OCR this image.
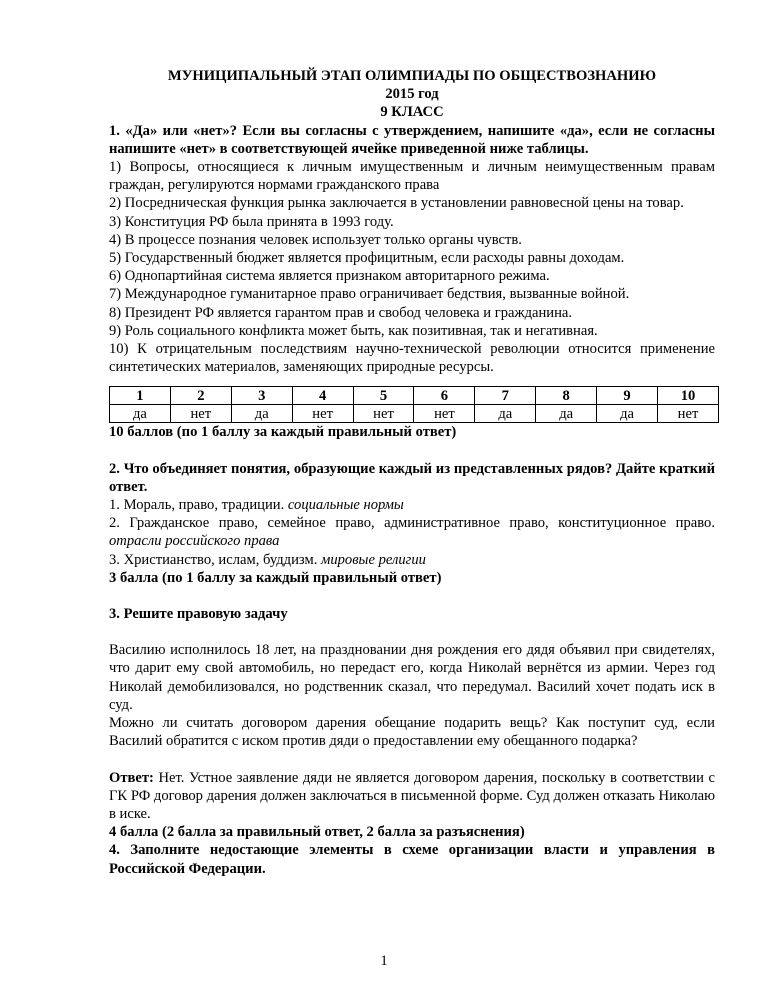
МУНИЦИПАЛЬНЫЙ ЭТАП ОЛИМПИАДЫ ПО ОБЩЕСТВОЗНАНИЮ
2015 год
9 КЛАСС

1. «Да» или «нет»? Если вы согласны с утверждением, напишите «да», если не согласны напишите «нет» в соответствующей ячейке приведенной ниже таблицы.

1) Вопросы, относящиеся к личным имущественным и личным неимущественным правам граждан, регулируются нормами гражданского права

2) Посредническая функция рынка заключается в установлении равновесной цены на товар.

3) Конституция РФ была принята в 1993 году.

4) В процессе познания человек использует только органы чувств.

5) Государственный бюджет является профицитным, если расходы равны доходам.

6) Однопартийная система является признаком авторитарного режима.

7) Международное гуманитарное право ограничивает бедствия, вызванные войной.

8) Президент РФ является гарантом прав и свобод человека и гражданина.

9) Роль социального конфликта может быть, как позитивная, так и негативная.

10) К отрицательным последствиям научно-технической революции относится применение синтетических материалов, заменяющих природные ресурсы.

1	2	3	4	5	6	7	8	9	10
да	нет	да	нет	нет	нет	да	да	да	нет

10 баллов (по 1 баллу за каждый правильный ответ)

2. Что объединяет понятия, образующие каждый из представленных рядов? Дайте краткий ответ.

1. Мораль, право, традиции. социальные нормы

2. Гражданское право, семейное право, административное право, конституционное право. отрасли российского права

3. Христианство, ислам, буддизм. мировые религии

3 балла (по 1 баллу за каждый правильный ответ)

3. Решите правовую задачу

Василию исполнилось 18 лет, на праздновании дня рождения его дядя объявил при свидетелях, что дарит ему свой автомобиль, но передаст его, когда Николай вернётся из армии. Через год Николай демобилизовался, но родственник сказал, что передумал. Василий хочет подать иск в суд.

Можно ли считать договором дарения обещание подарить вещь? Как поступит суд, если Василий обратится с иском против дяди о предоставлении ему обещанного подарка?

Ответ: Нет. Устное заявление дяди не является договором дарения, поскольку в соответствии с ГК РФ договор дарения должен заключаться в письменной форме. Суд должен отказать Николаю в иске.

4 балла (2 балла за правильный ответ, 2 балла за разъяснения)

4. Заполните недостающие элементы в схеме организации власти и управления в Российской Федерации.

1
